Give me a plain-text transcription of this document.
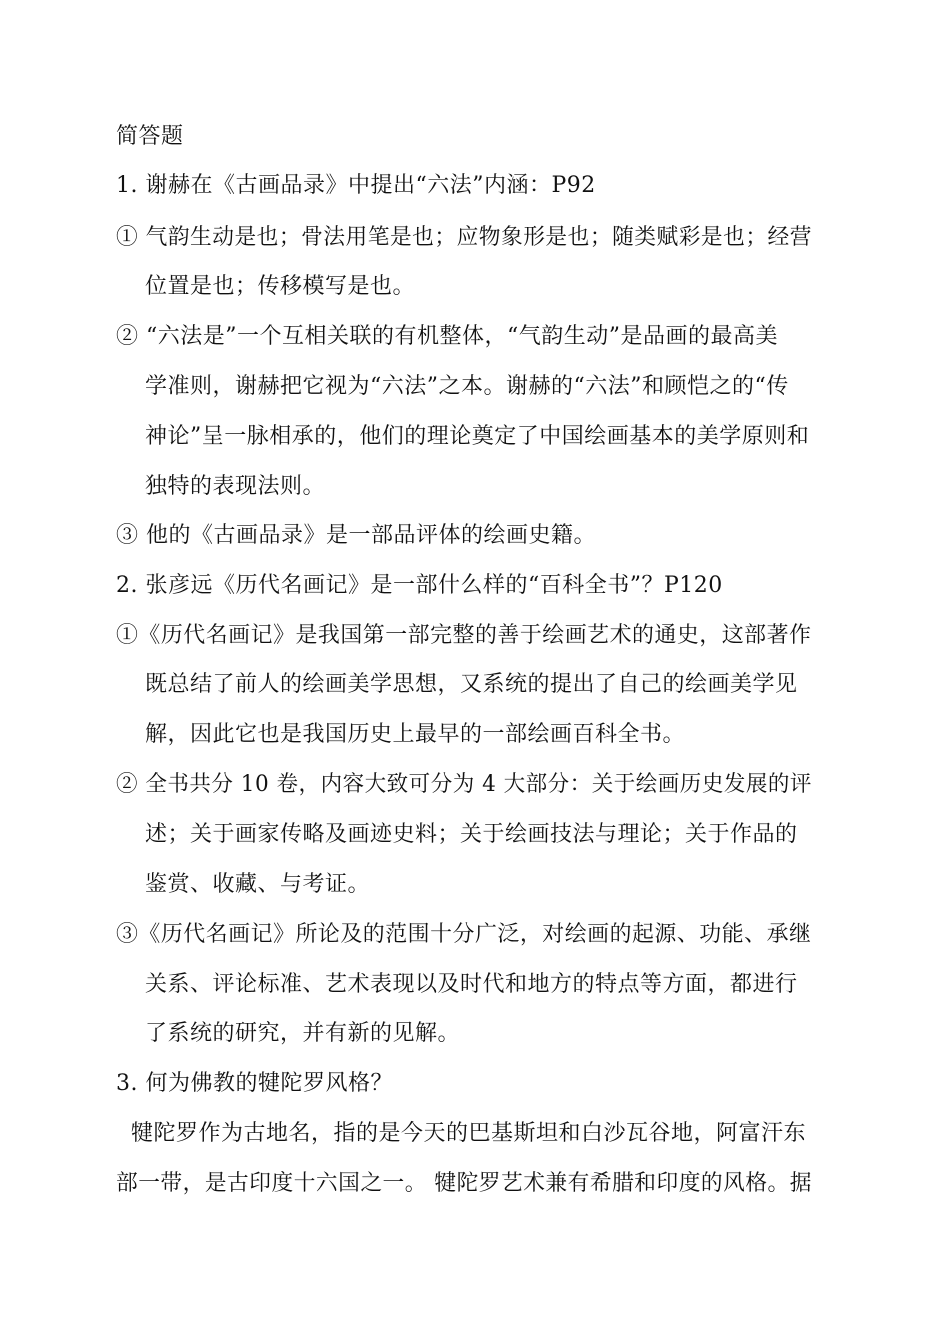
简答题
1. 谢赫在《古画品录》中提出“六法”内涵：P92
① 气韵生动是也；骨法用笔是也；应物象形是也；随类赋彩是也；经营
位置是也；传移模写是也。
② “六法是”一个互相关联的有机整体，“气韵生动”是品画的最高美
学准则，谢赫把它视为“六法”之本。谢赫的“六法”和顾恺之的“传
神论”呈一脉相承的，他们的理论奠定了中国绘画基本的美学原则和
独特的表现法则。
③ 他的《古画品录》是一部品评体的绘画史籍。
2. 张彦远《历代名画记》是一部什么样的“百科全书”？P120
①《历代名画记》是我国第一部完整的善于绘画艺术的通史，这部著作
既总结了前人的绘画美学思想，又系统的提出了自己的绘画美学见
解，因此它也是我国历史上最早的一部绘画百科全书。
② 全书共分 10 卷，内容大致可分为 4 大部分：关于绘画历史发展的评
述；关于画家传略及画迹史料；关于绘画技法与理论；关于作品的
鉴赏、收藏、与考证。
③《历代名画记》所论及的范围十分广泛，对绘画的起源、功能、承继
关系、评论标准、艺术表现以及时代和地方的特点等方面，都进行
了系统的研究，并有新的见解。
3. 何为佛教的犍陀罗风格？
犍陀罗作为古地名，指的是今天的巴基斯坦和白沙瓦谷地，阿富汗东
部一带，是古印度十六国之一。 犍陀罗艺术兼有希腊和印度的风格。据
